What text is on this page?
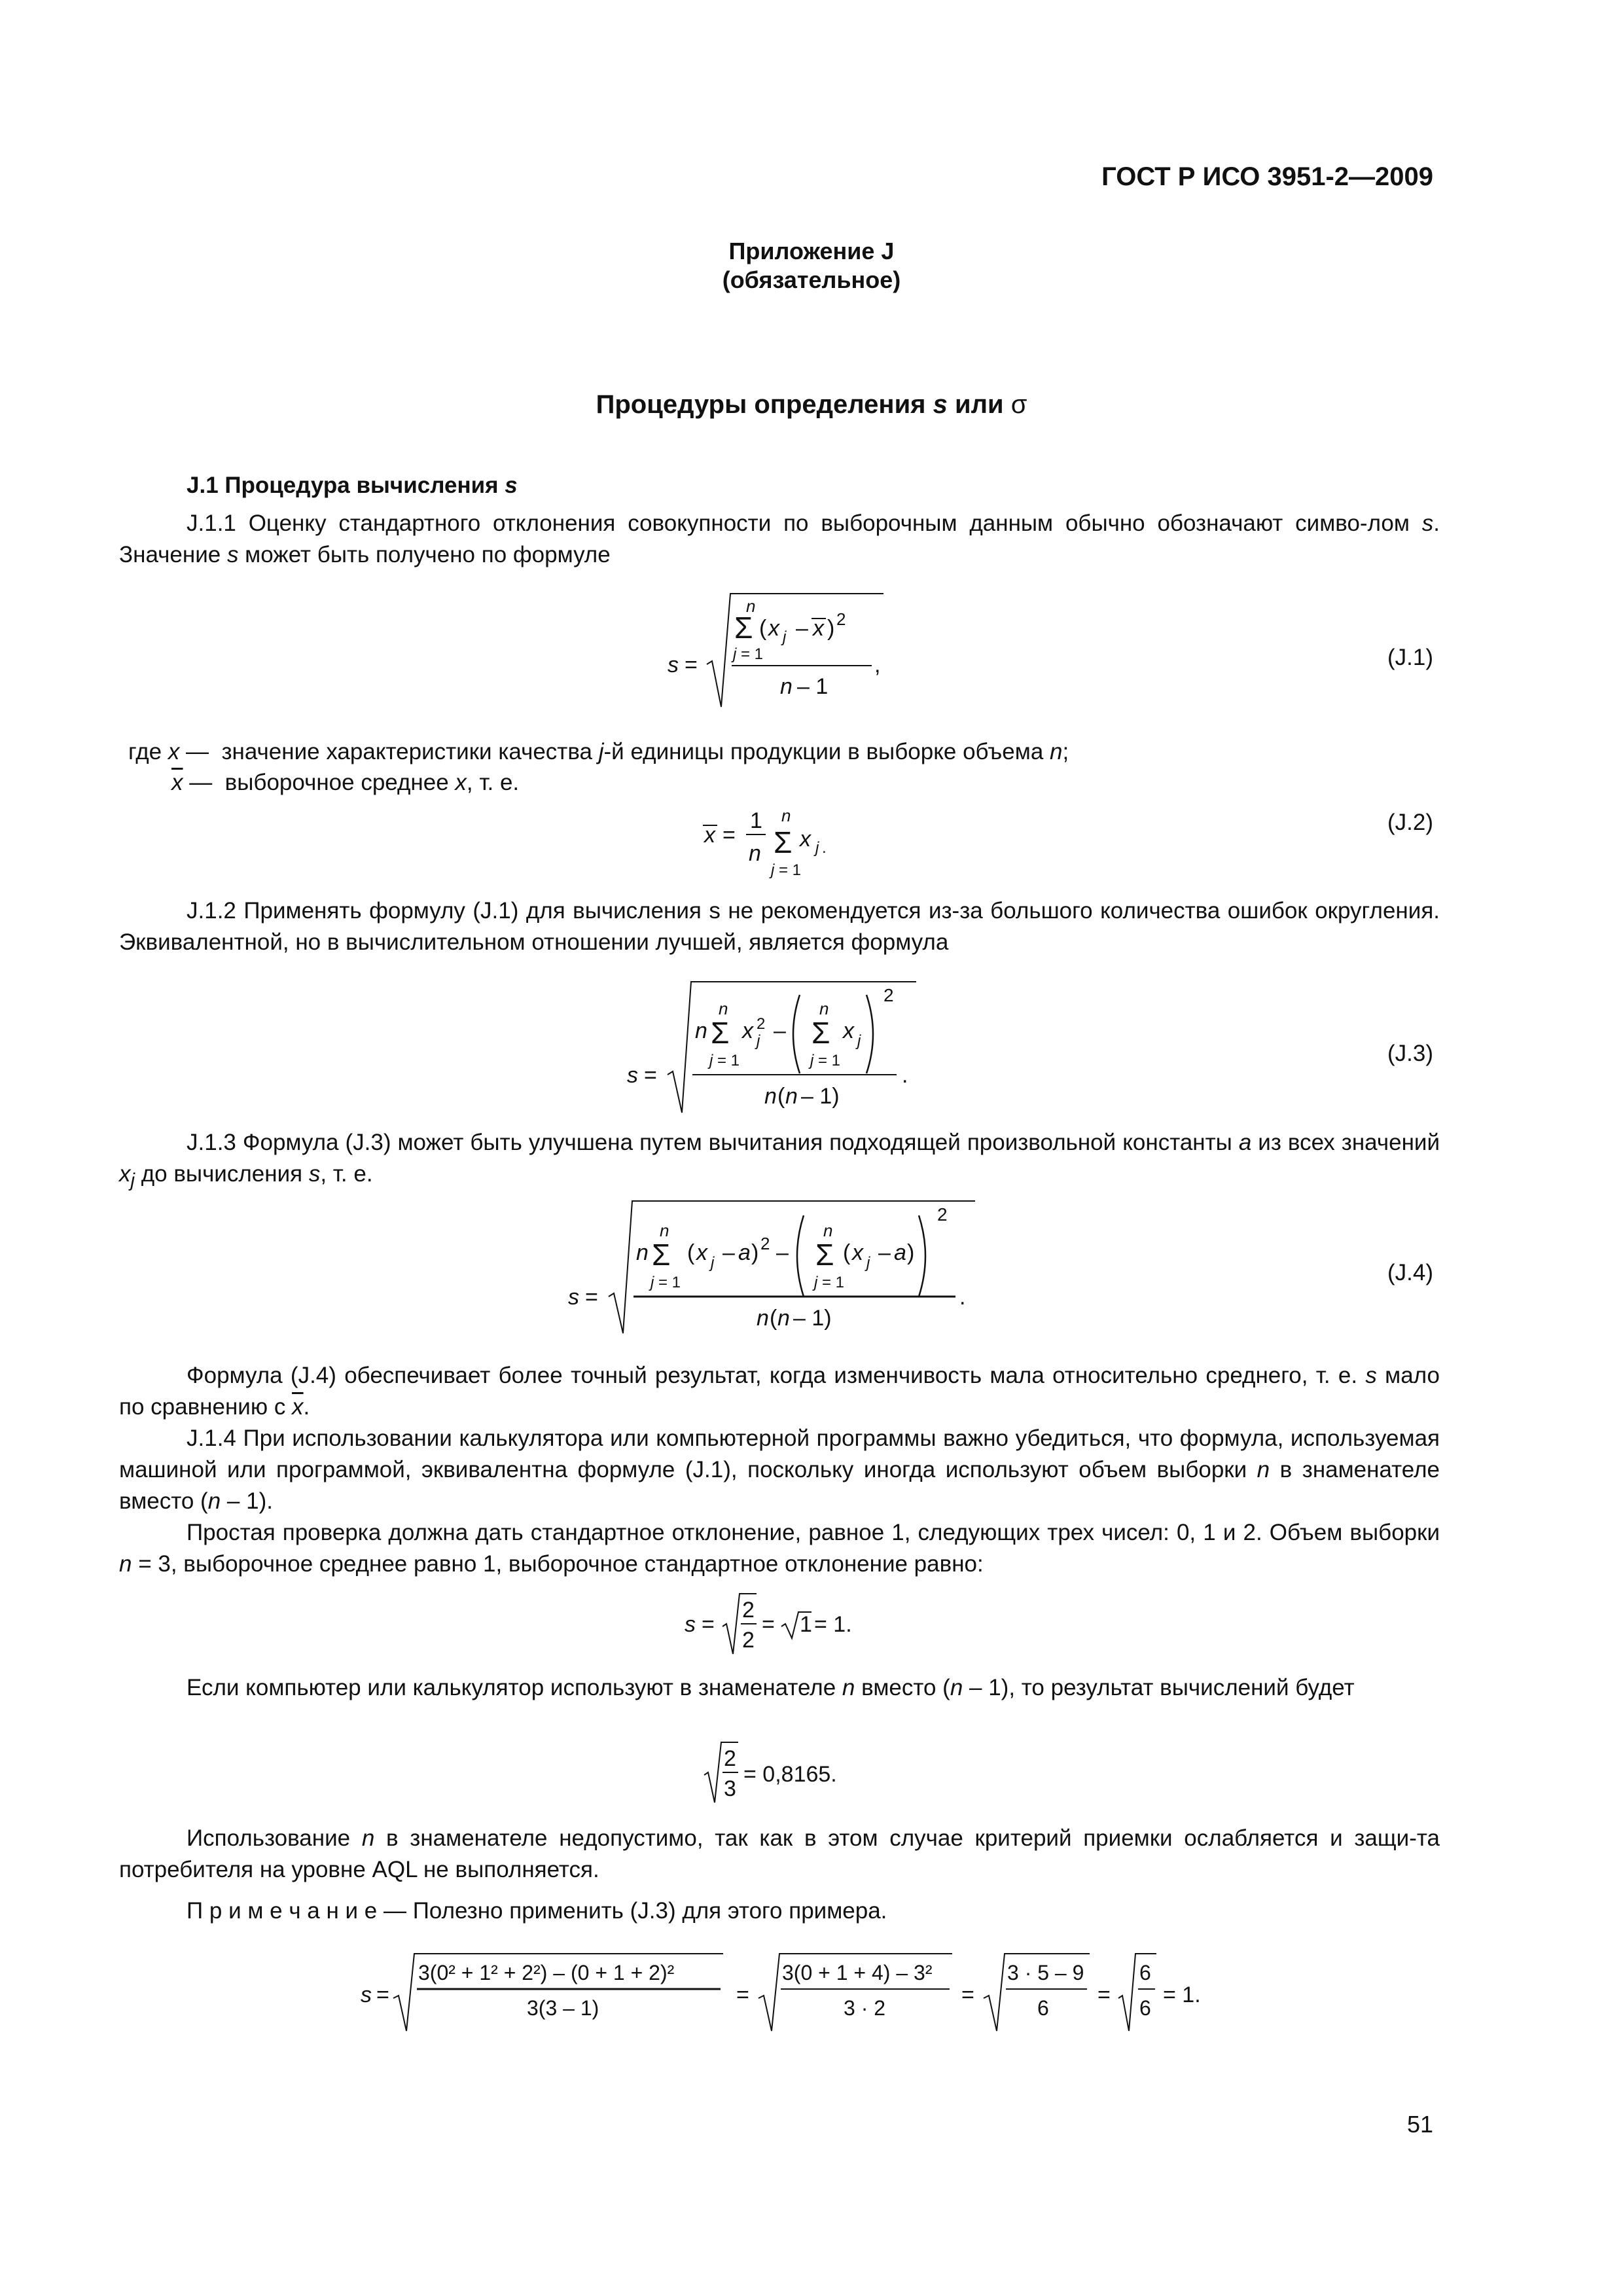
ГОСТ Р ИСО 3951-2—2009
Приложение J
(обязательное)
Процедуры определения s или σ
J.1 Процедура вычисления s
J.1.1 Оценку стандартного отклонения совокупности по выборочным данным обычно обозначают симво-лом s. Значение s может быть получено по формуле
s =
n
Σ ( x j – x ) 2
j = 1
n – 1
,	(J.1)
где x —  значение характеристики качества j-й единицы продукции в выборке объема n;
$\overline{x}$ —  выборочное среднее x, т. е.
x =
1
n
n
Σ
j = 1
x j .
(J.2)
J.1.2 Применять формулу (J.1) для вычисления s не рекомендуется из-за большого количества ошибок округления. Эквивалентной, но в вычислительном отношении лучшей, является формула
s =
n
n
Σ
j = 1
x 2
j –
n
Σ
j = 1
x j
2
n ( n – 1)
.
(J.3)
J.1.3 Формула (J.3) может быть улучшена путем вычитания подходящей произвольной константы a из всех значений $x_j$ до вычисления s, т. е.
s =
n
n
Σ
j = 1
( x j – a ) 2 –
n
Σ
j = 1
( x j – a )
2
n ( n – 1)
.
(J.4)
Формула (J.4) обеспечивает более точный результат, когда изменчивость мала относительно среднего, т. е. s мало по сравнению с $\overline{x}$.
J.1.4 При использовании калькулятора или компьютерной программы важно убедиться, что формула, используемая машиной или программой, эквивалентна формуле (J.1), поскольку иногда используют объем выборки n в знаменателе вместо (n – 1).
Простая проверка должна дать стандартное отклонение, равное 1, следующих трех чисел: 0, 1 и 2. Объем выборки n = 3, выборочное среднее равно 1, выборочное стандартное отклонение равно:
s =
2
2
= 1 = 1.
Если компьютер или калькулятор используют в знаменателе n вместо (n – 1), то результат вычислений будет
2
3
= 0,8165.
Использование n в знаменателе недопустимо, так как в этом случае критерий приемки ослабляется и защи-та потребителя на уровне AQL не выполняется.
П р и м е ч а н и е — Полезно применить (J.3) для этого примера.
s =
3(0² + 1² + 2²) – (0 + 1 + 2)²
3(3 – 1)
=
3(0 + 1 + 4) – 3²
3 · 2
=
3 · 5 – 9
6
=
6
6
= 1.
51
